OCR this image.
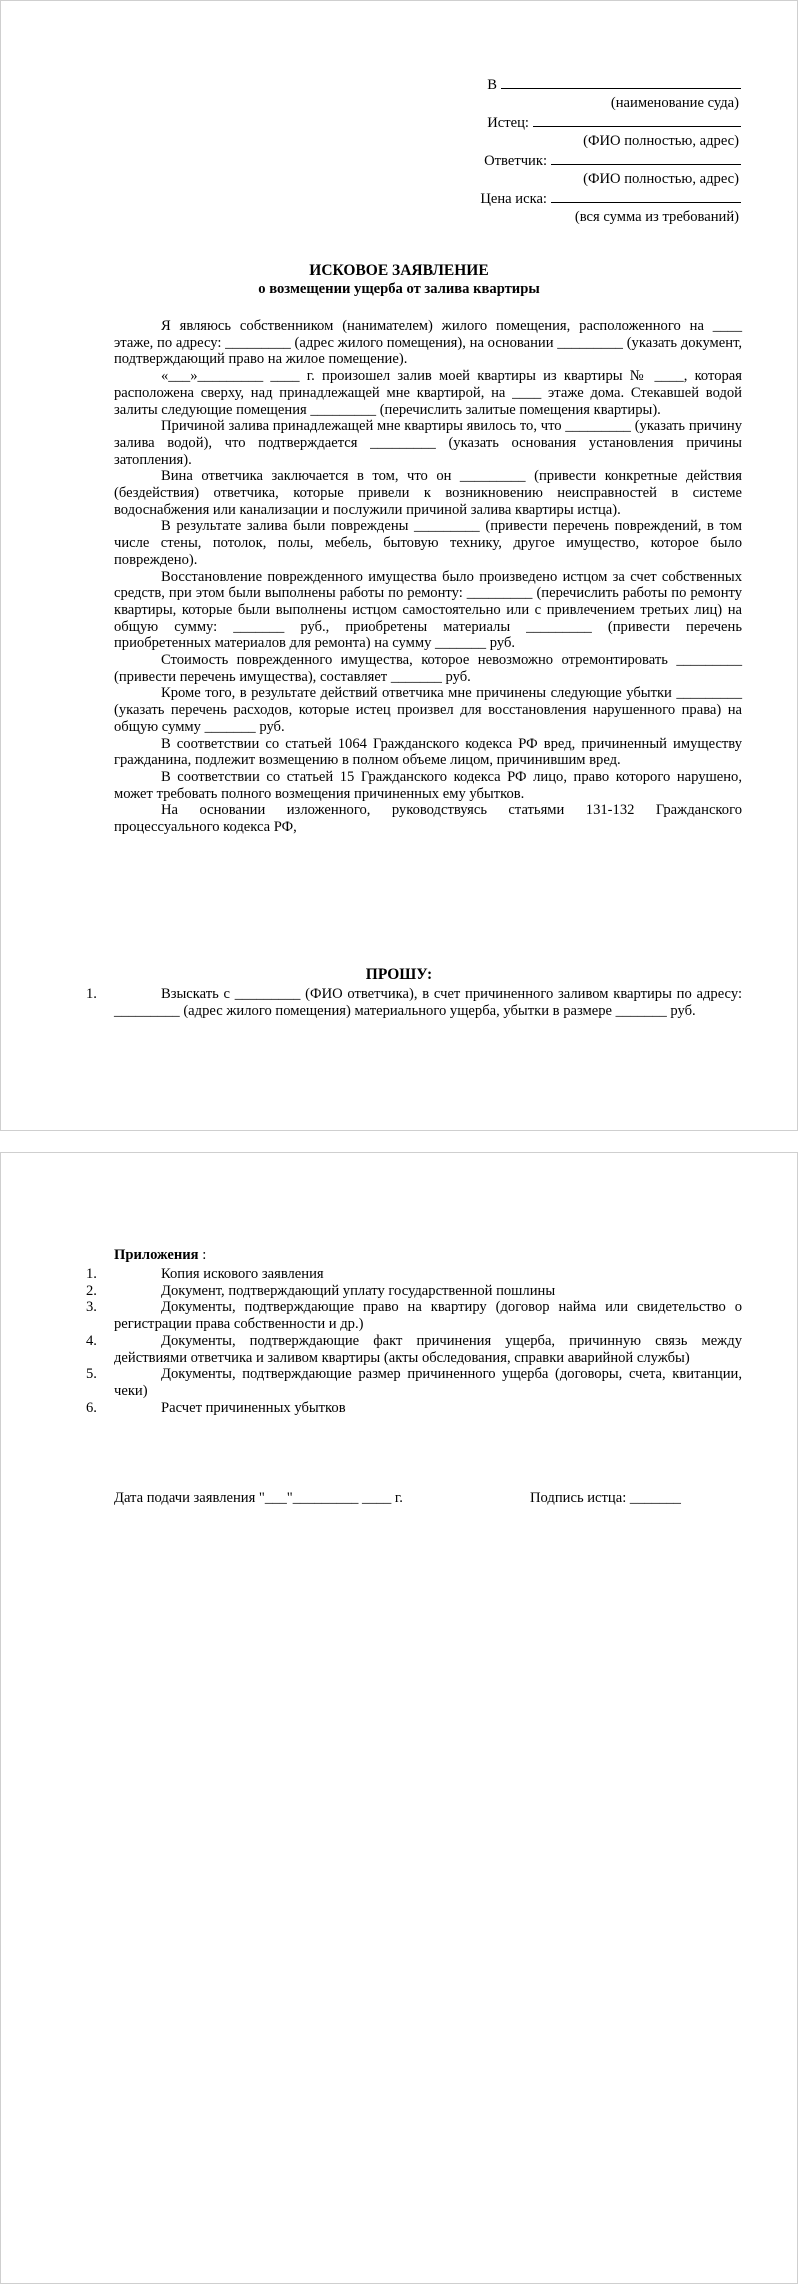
В
(наименование суда)
Истец:
(ФИО полностью, адрес)
Ответчик:
(ФИО полностью, адрес)
Цена иска:
(вся сумма из требований)
ИСКОВОЕ ЗАЯВЛЕНИЕ
о возмещении ущерба от залива квартиры

Я являюсь собственником (нанимателем) жилого помещения, расположенного на ____ этаже, по адресу: _________ (адрес жилого помещения), на основании _________ (указать документ, подтверждающий право на жилое помещение).

«___»_________ ____ г. произошел залив моей квартиры из квартиры № ____, которая расположена сверху, над принадлежащей мне квартирой, на ____ этаже дома. Стекавшей водой залиты следующие помещения _________ (перечислить залитые помещения квартиры).

Причиной залива принадлежащей мне квартиры явилось то, что _________ (указать причину залива водой), что подтверждается _________ (указать основания установления причины затопления).

Вина ответчика заключается в том, что он _________ (привести конкретные действия (бездействия) ответчика, которые привели к возникновению неисправностей в системе водоснабжения или канализации и послужили причиной залива квартиры истца).

В результате залива были повреждены _________ (привести перечень повреждений, в том числе стены, потолок, полы, мебель, бытовую технику, другое имущество, которое было повреждено).

Восстановление поврежденного имущества было произведено истцом за счет собственных средств, при этом были выполнены работы по ремонту: _________ (перечислить работы по ремонту квартиры, которые были выполнены истцом самостоятельно или с привлечением третьих лиц) на общую сумму: _______ руб., приобретены материалы _________ (привести перечень приобретенных материалов для ремонта) на сумму _______ руб.

Стоимость поврежденного имущества, которое невозможно отремонтировать _________ (привести перечень имущества), составляет _______ руб.

Кроме того, в результате действий ответчика мне причинены следующие убытки _________ (указать перечень расходов, которые истец произвел для восстановления нарушенного права) на общую сумму _______ руб.

В соответствии со статьей 1064 Гражданского кодекса РФ вред, причиненный имуществу гражданина, подлежит возмещению в полном объеме лицом, причинившим вред.

В соответствии со статьей 15 Гражданского кодекса РФ лицо, право которого нарушено, может требовать полного возмещения причиненных ему убытков.

На основании изложенного, руководствуясь статьями 131-132 Гражданского процессуального кодекса РФ,

ПРОШУ:
1.	Взыскать с _________ (ФИО ответчика), в счет причиненного заливом квартиры по адресу: _________ (адрес жилого помещения) материального ущерба, убытки в размере _______ руб.
Приложения :
1.	Копия искового заявления
2.	Документ, подтверждающий уплату государственной пошлины
3.	Документы, подтверждающие право на квартиру (договор найма или свидетельство о регистрации права собственности и др.)
4.	Документы, подтверждающие факт причинения ущерба, причинную связь между действиями ответчика и заливом квартиры (акты обследования, справки аварийной службы)
5.	Документы, подтверждающие размер причиненного ущерба (договоры, счета, квитанции, чеки)
6.	Расчет причиненных убытков
Дата подачи заявления "___"_________ ____ г.	Подпись истца: _______
